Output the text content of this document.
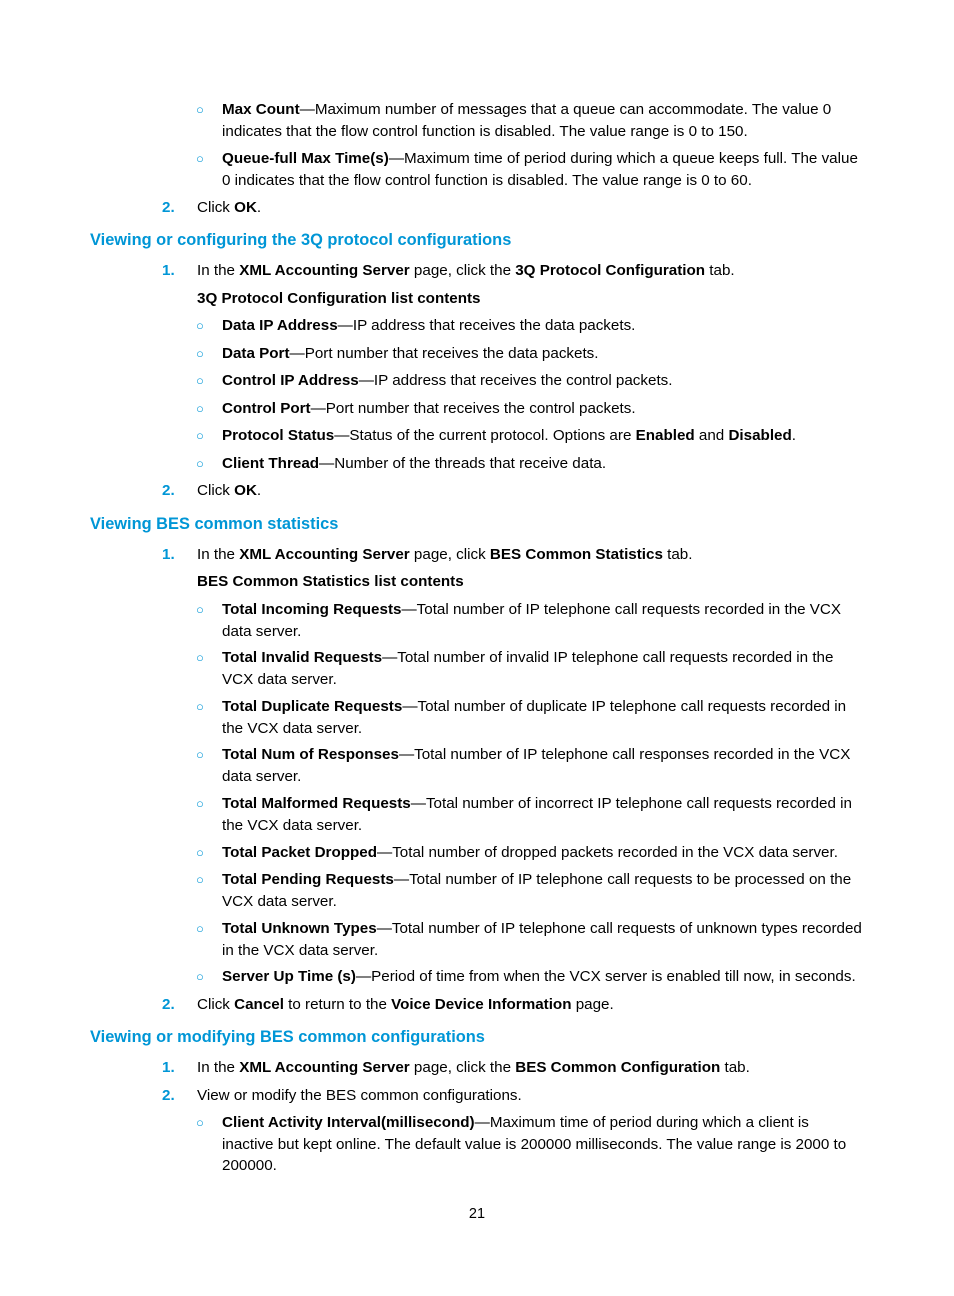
○ Max Count—Maximum number of messages that a queue can accommodate. The value 0 indicates that the flow control function is disabled. The value range is 0 to 150.
○ Queue-full Max Time(s)—Maximum time of period during which a queue keeps full. The value 0 indicates that the flow control function is disabled. The value range is 0 to 60.
2. Click OK.
Viewing or configuring the 3Q protocol configurations
1. In the XML Accounting Server page, click the 3Q Protocol Configuration tab.
3Q Protocol Configuration list contents
○ Data IP Address—IP address that receives the data packets.
○ Data Port—Port number that receives the data packets.
○ Control IP Address—IP address that receives the control packets.
○ Control Port—Port number that receives the control packets.
○ Protocol Status—Status of the current protocol. Options are Enabled and Disabled.
○ Client Thread—Number of the threads that receive data.
2. Click OK.
Viewing BES common statistics
1. In the XML Accounting Server page, click BES Common Statistics tab.
BES Common Statistics list contents
○ Total Incoming Requests—Total number of IP telephone call requests recorded in the VCX data server.
○ Total Invalid Requests—Total number of invalid IP telephone call requests recorded in the VCX data server.
○ Total Duplicate Requests—Total number of duplicate IP telephone call requests recorded in the VCX data server.
○ Total Num of Responses—Total number of IP telephone call responses recorded in the VCX data server.
○ Total Malformed Requests—Total number of incorrect IP telephone call requests recorded in the VCX data server.
○ Total Packet Dropped—Total number of dropped packets recorded in the VCX data server.
○ Total Pending Requests—Total number of IP telephone call requests to be processed on the VCX data server.
○ Total Unknown Types—Total number of IP telephone call requests of unknown types recorded in the VCX data server.
○ Server Up Time (s)—Period of time from when the VCX server is enabled till now, in seconds.
2. Click Cancel to return to the Voice Device Information page.
Viewing or modifying BES common configurations
1. In the XML Accounting Server page, click the BES Common Configuration tab.
2. View or modify the BES common configurations.
○ Client Activity Interval(millisecond)—Maximum time of period during which a client is inactive but kept online. The default value is 200000 milliseconds. The value range is 2000 to 200000.
21
